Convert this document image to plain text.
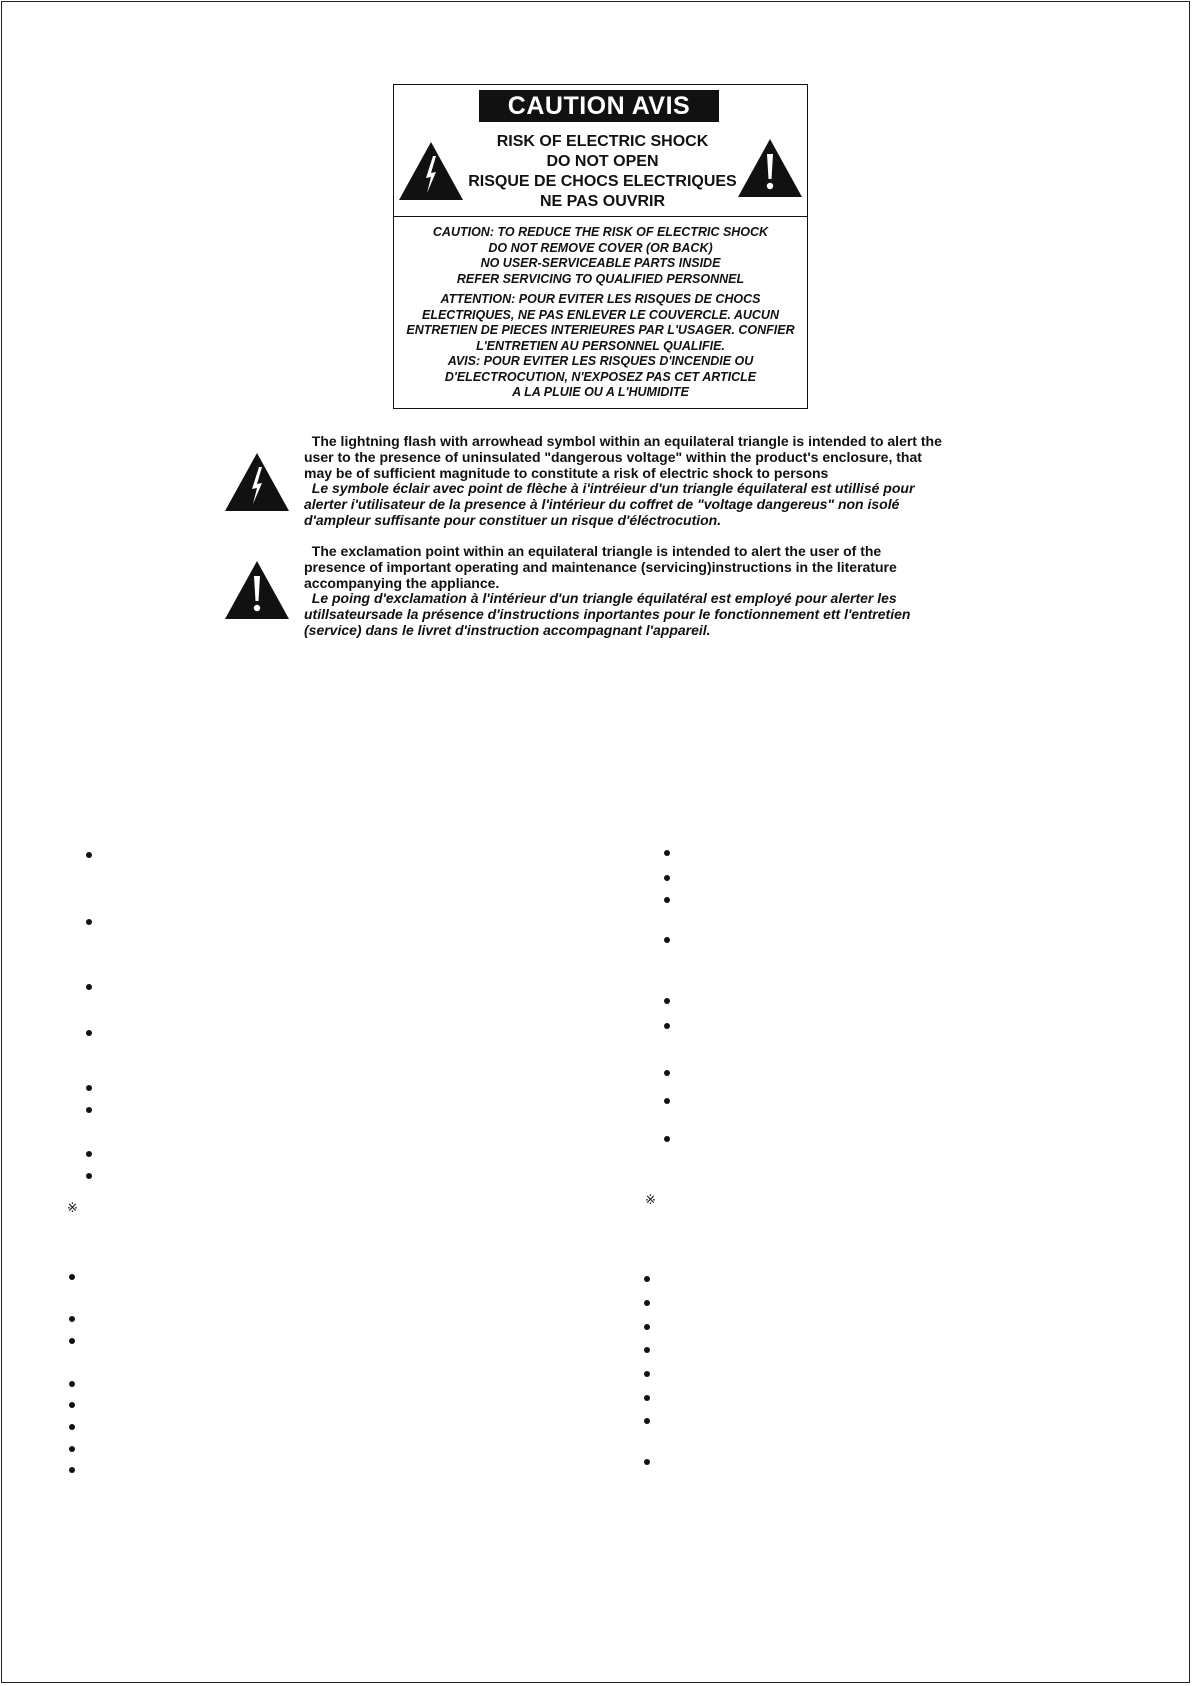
CAUTION AVIS
RISK OF ELECTRIC SHOCK
DO NOT OPEN
RISQUE DE CHOCS ELECTRIQUES
NE PAS OUVRIR
CAUTION: TO REDUCE THE RISK OF ELECTRIC SHOCK
DO NOT REMOVE COVER (OR BACK)
NO USER-SERVICEABLE PARTS INSIDE
REFER SERVICING TO QUALIFIED PERSONNEL
ATTENTION: POUR EVITER LES RISQUES DE CHOCS
ELECTRIQUES, NE PAS ENLEVER LE COUVERCLE. AUCUN
ENTRETIEN DE PIECES INTERIEURES PAR L'USAGER. CONFIER
L'ENTRETIEN AU PERSONNEL QUALIFIE.
AVIS: POUR EVITER LES RISQUES D'INCENDIE OU
D'ELECTROCUTION, N'EXPOSEZ PAS CET ARTICLE
A LA PLUIE OU A L'HUMIDITE
The lightning flash with arrowhead symbol within an equilateral triangle is intended to alert the
user to the presence of uninsulated "dangerous voltage" within the product's enclosure, that
may be of sufficient magnitude to constitute a risk of electric shock to persons
Le symbole éclair avec point de flèche à i'intréieur d'un triangle équilateral est utillisé pour
alerter i'utilisateur de la presence à l'intérieur du coffret de "voltage dangereus" non isolé
d'ampleur suffisante pour constituer un risque d'éléctrocution.
The exclamation point within an equilateral triangle is intended to alert the user of the
presence of important operating and maintenance (servicing)instructions in the literature
accompanying the appliance.
Le poing d'exclamation à l'intérieur d'un triangle équilatéral est employé pour alerter les
utillsateursade la présence d'instructions inportantes pour le fonctionnement ett l'entretien
(service) dans le livret d'instruction accompagnant l'appareil.
※
※
